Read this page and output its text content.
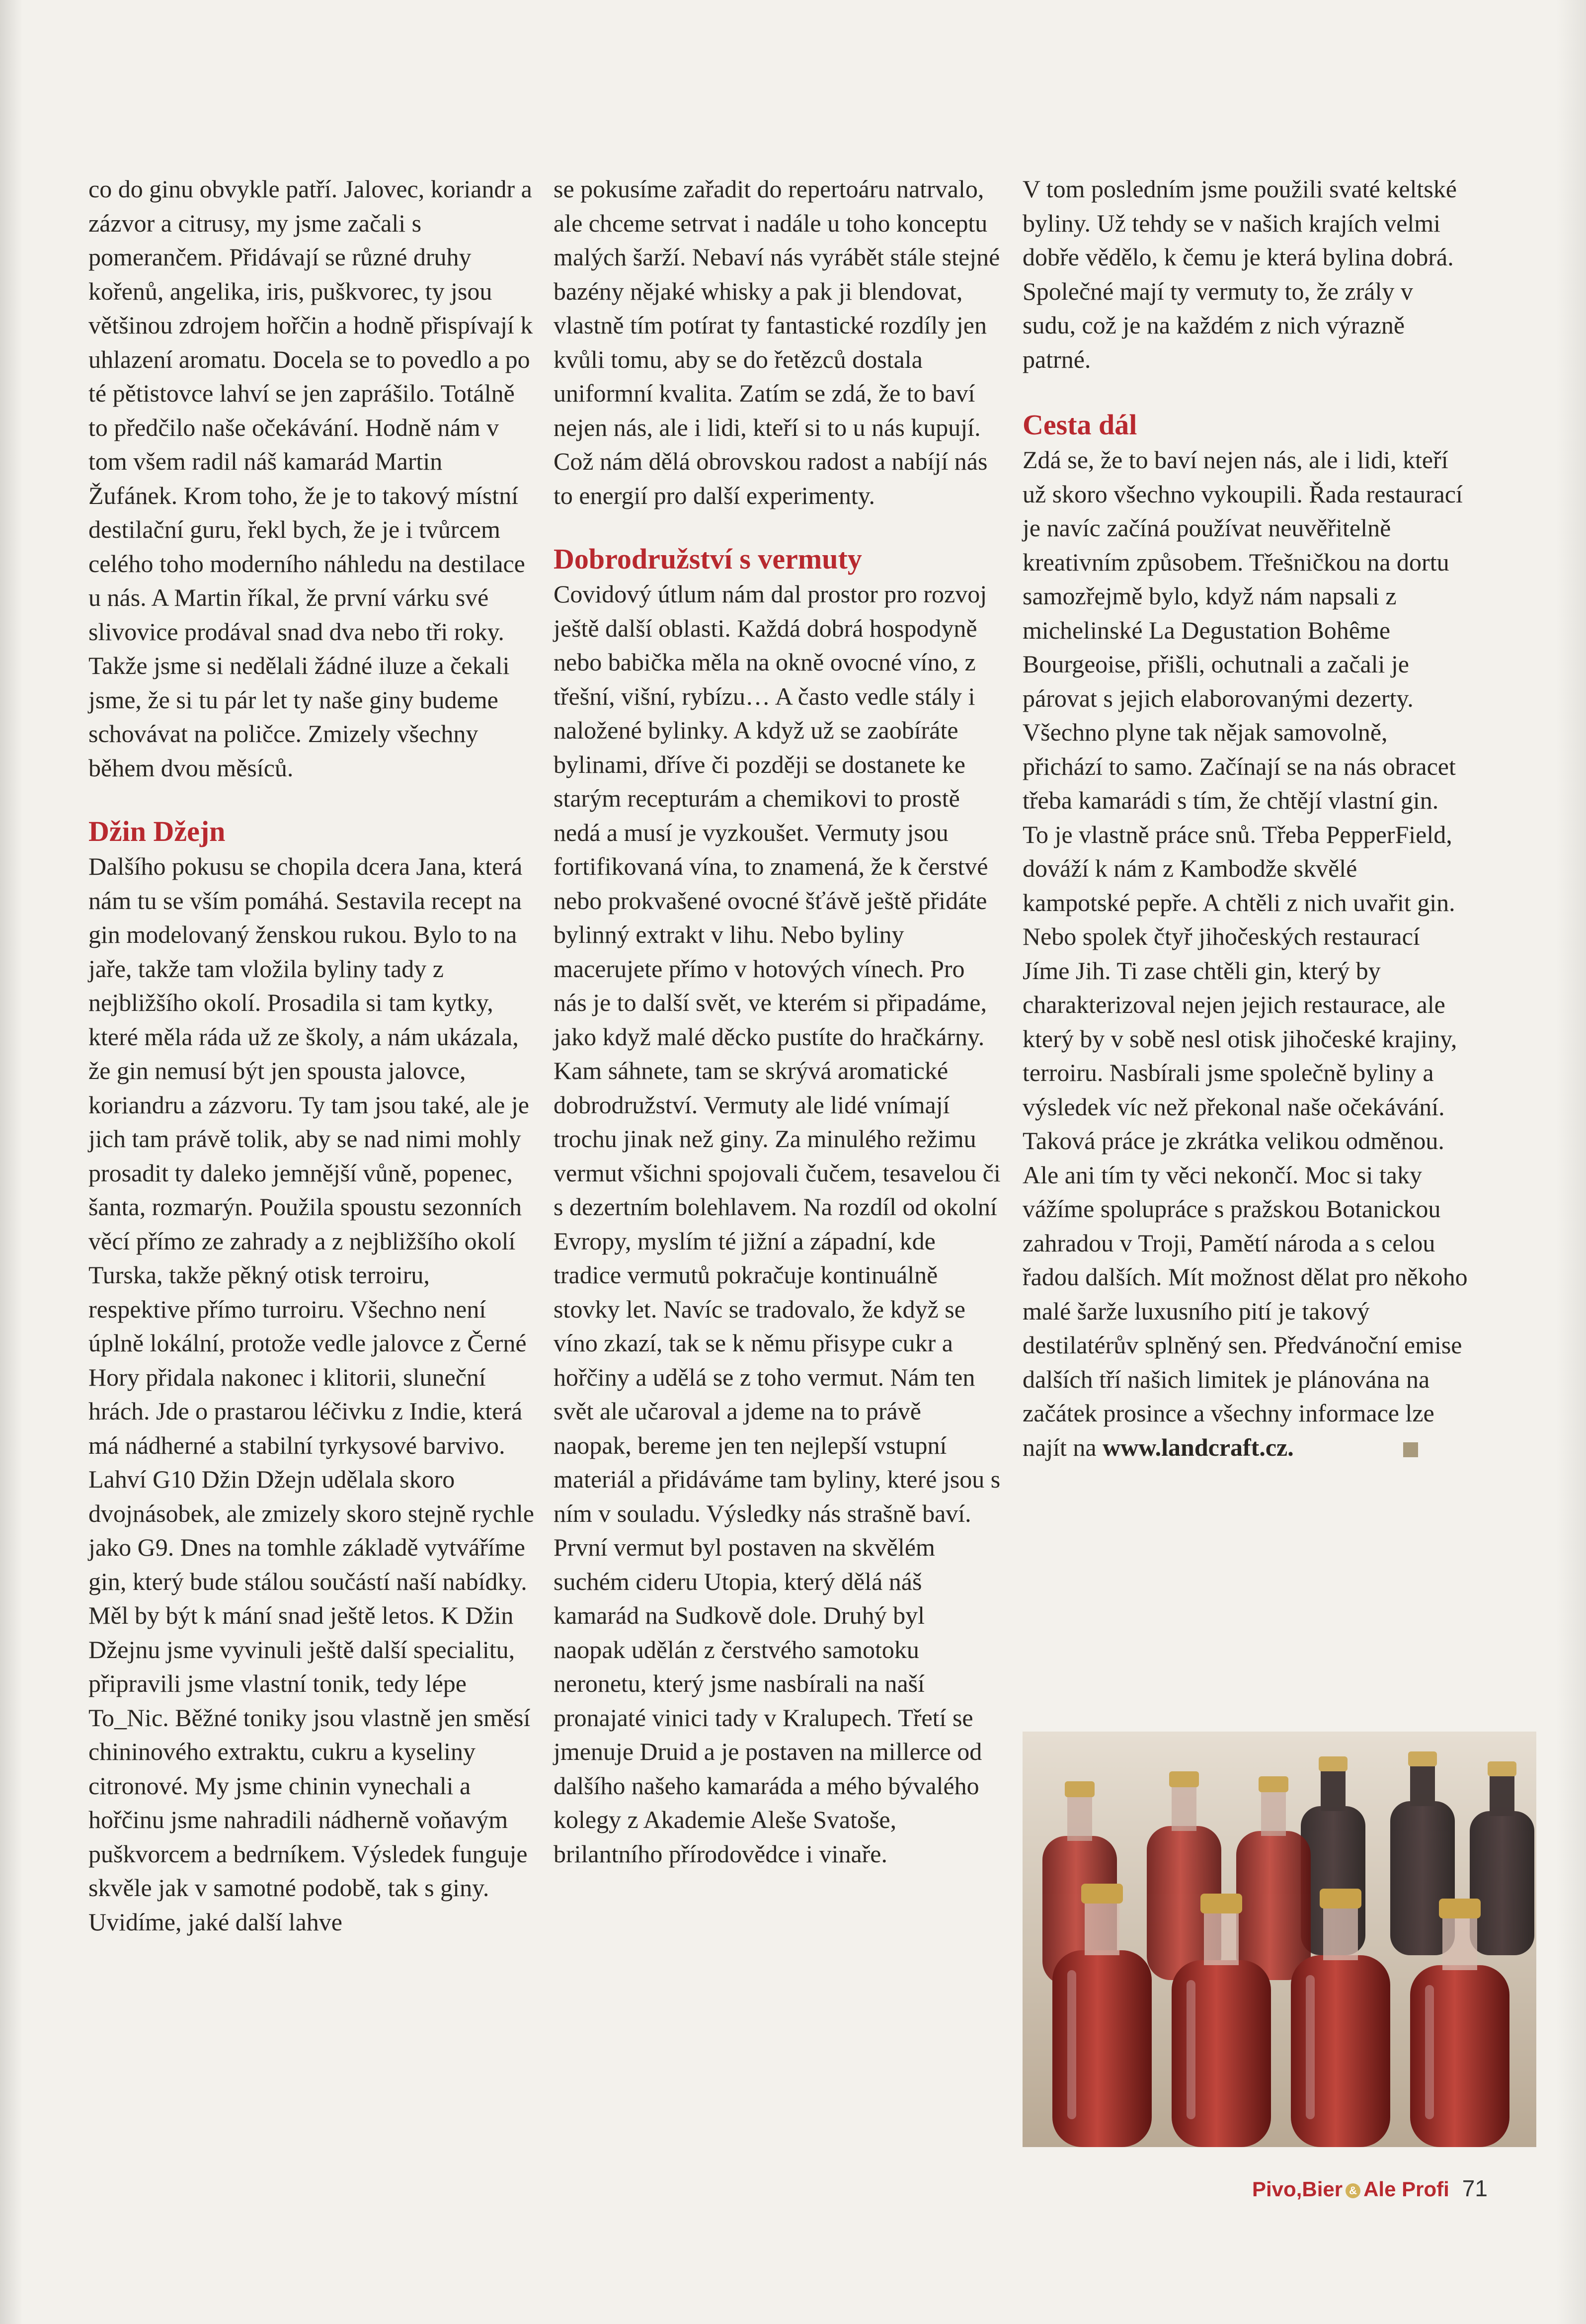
co do ginu obvykle patří. Jalovec, koriandr a zázvor a citrusy, my jsme začali s pomerančem. Přidávají se různé druhy kořenů, angelika, iris, puškvorec, ty jsou většinou zdrojem hořčin a hodně přispívají k uhlazení aromatu. Docela se to povedlo a po té pětistovce lahví se jen zaprášilo. Totálně to předčilo naše očekávání. Hodně nám v tom všem radil náš kamarád Martin Žufánek. Krom toho, že je to takový místní destilační guru, řekl bych, že je i tvůrcem celého toho moderního náhledu na destilace u nás. A Martin říkal, že první várku své slivovice prodával snad dva nebo tři roky. Takže jsme si nedělali žádné iluze a čekali jsme, že si tu pár let ty naše giny budeme schovávat na poličce. Zmizely všechny během dvou měsíců.

Džin Džejn

Dalšího pokusu se chopila dcera Jana, která nám tu se vším pomáhá. Sestavila recept na gin modelovaný ženskou rukou. Bylo to na jaře, takže tam vložila byliny tady z nejbližšího okolí. Prosadila si tam kytky, které měla ráda už ze školy, a nám ukázala, že gin nemusí být jen spousta jalovce, koriandru a zázvoru. Ty tam jsou také, ale je jich tam právě tolik, aby se nad nimi mohly prosadit ty daleko jemnější vůně, popenec, šanta, rozmarýn. Použila spoustu sezonních věcí přímo ze zahrady a z nejbližšího okolí Turska, takže pěkný otisk terroiru, respektive přímo turroiru. Všechno není úplně lokální, protože vedle jalovce z Černé Hory přidala nakonec i klitorii, sluneční hrách. Jde o prastarou léčivku z Indie, která má nádherné a stabilní tyrkysové barvivo. Lahví G10 Džin Džejn udělala skoro dvojnásobek, ale zmizely skoro stejně rychle jako G9. Dnes na tomhle základě vytváříme gin, který bude stálou součástí naší nabídky. Měl by být k mání snad ještě letos. K Džin Džejnu jsme vyvinuli ještě další specialitu, připravili jsme vlastní tonik, tedy lépe To_Nic. Běžné toniky jsou vlastně jen směsí chininového extraktu, cukru a kyseliny citronové. My jsme chinin vynechali a hořčinu jsme nahradili nádherně voňavým puškvorcem a bedrníkem. Výsledek funguje skvěle jak v samotné podobě, tak s giny. Uvidíme, jaké další lahve

se pokusíme zařadit do repertoáru natrvalo, ale chceme setrvat i nadále u toho konceptu malých šarží. Nebaví nás vyrábět stále stejné bazény nějaké whisky a pak ji blendovat, vlastně tím potírat ty fantastické rozdíly jen kvůli tomu, aby se do řetězců dostala uniformní kvalita. Zatím se zdá, že to baví nejen nás, ale i lidi, kteří si to u nás kupují. Což nám dělá obrovskou radost a nabíjí nás to energií pro další experimenty.

Dobrodružství s vermuty

Covidový útlum nám dal prostor pro rozvoj ještě další oblasti. Každá dobrá hospodyně nebo babička měla na okně ovocné víno, z třešní, višní, rybízu… A často vedle stály i naložené bylinky. A když už se zaobíráte bylinami, dříve či později se dostanete ke starým recepturám a chemikovi to prostě nedá a musí je vyzkoušet. Vermuty jsou fortifikovaná vína, to znamená, že k čerstvé nebo prokvašené ovocné šťávě ještě přidáte bylinný extrakt v lihu. Nebo byliny macerujete přímo v hotových vínech. Pro nás je to další svět, ve kterém si připadáme, jako když malé děcko pustíte do hračkárny. Kam sáhnete, tam se skrývá aromatické dobrodružství. Vermuty ale lidé vnímají trochu jinak než giny. Za minulého režimu vermut všichni spojovali čučem, tesavelou či s dezertním bolehlavem. Na rozdíl od okolní Evropy, myslím té jižní a západní, kde tradice vermutů pokračuje kontinuálně stovky let. Navíc se tradovalo, že když se víno zkazí, tak se k němu přisype cukr a hořčiny a udělá se z toho vermut. Nám ten svět ale učaroval a jdeme na to právě naopak, bereme jen ten nejlepší vstupní materiál a přidáváme tam byliny, které jsou s ním v souladu. Výsledky nás strašně baví.

První vermut byl postaven na skvělém suchém cideru Utopia, který dělá náš kamarád na Sudkově dole. Druhý byl naopak udělán z čerstvého samotoku neronetu, který jsme nasbírali na naší pronajaté vinici tady v Kralupech. Třetí se jmenuje Druid a je postaven na millerce od dalšího našeho kamaráda a mého bývalého kolegy z Akademie Aleše Svatoše, brilantního přírodovědce i vinaře.

V tom posledním jsme použili svaté keltské byliny. Už tehdy se v našich krajích velmi dobře vědělo, k čemu je která bylina dobrá. Společné mají ty vermuty to, že zrály v sudu, což je na každém z nich výrazně patrné.

Cesta dál

Zdá se, že to baví nejen nás, ale i lidi, kteří už skoro všechno vykoupili. Řada restaurací je navíc začíná používat neuvěřitelně kreativním způsobem. Třešničkou na dortu samozřejmě bylo, když nám napsali z michelinské La Degustation Bohême Bourgeoise, přišli, ochutnali a začali je párovat s jejich elaborovanými dezerty. Všechno plyne tak nějak samovolně, přichází to samo. Začínají se na nás obracet třeba kamarádi s tím, že chtějí vlastní gin. To je vlastně práce snů. Třeba PepperField, dováží k nám z Kambodže skvělé kampotské pepře. A chtěli z nich uvařit gin. Nebo spolek čtyř jihočeských restaurací Jíme Jih. Ti zase chtěli gin, který by charakterizoval nejen jejich restaurace, ale který by v sobě nesl otisk jihočeské krajiny, terroiru. Nasbírali jsme společně byliny a výsledek víc než překonal naše očekávání. Taková práce je zkrátka velikou odměnou. Ale ani tím ty věci nekončí. Moc si taky vážíme spolupráce s pražskou Botanickou zahradou v Troji, Pamětí národa a s celou řadou dalších. Mít možnost dělat pro někoho malé šarže luxusního pití je takový destilatérův splněný sen. Předvánoční emise dalších tří našich limitek je plánována na začátek prosince a všechny informace lze najít na www.landcraft.cz.

Pivo,Bier & Ale Profi 71
